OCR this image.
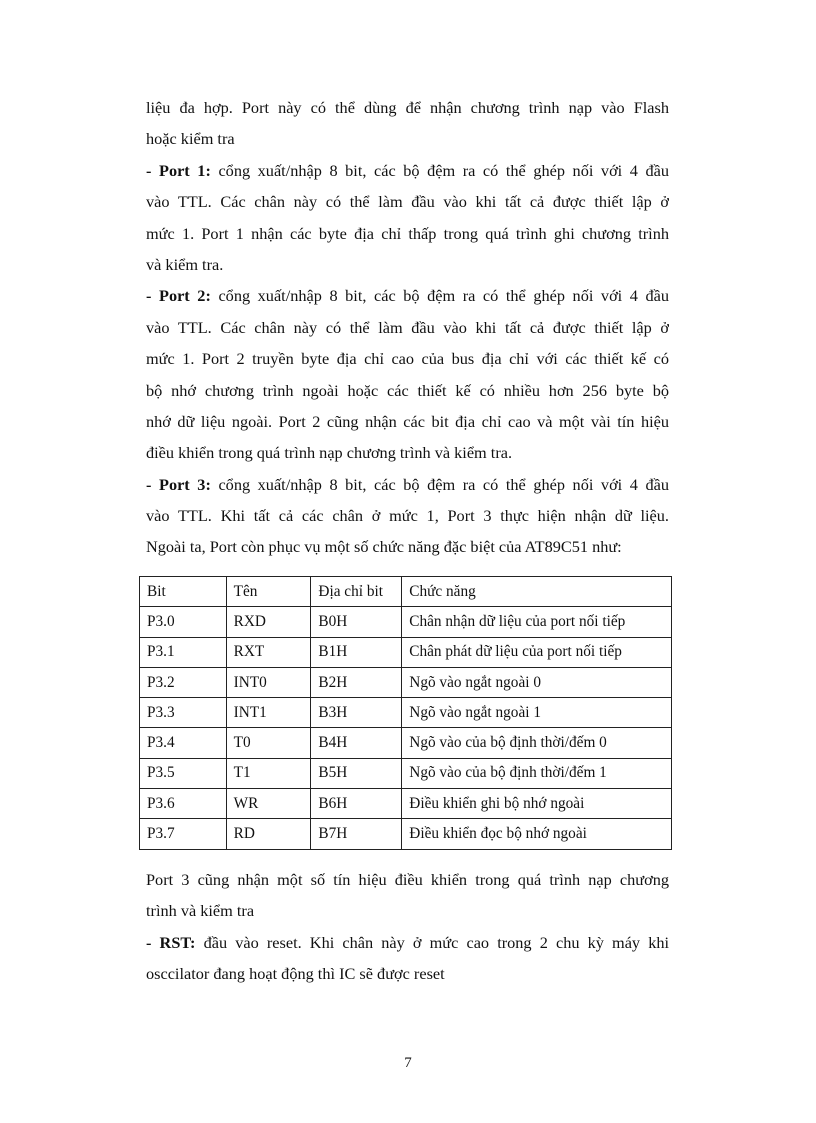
liệu đa hợp. Port này có thể dùng để nhận chương trình nạp vào Flash
hoặc kiểm tra
- Port 1: cổng xuất/nhập 8 bit, các bộ đệm ra có thể ghép nối với 4 đầu
vào TTL. Các chân này có thể làm đầu vào khi tất cả được thiết lập ở
mức 1. Port 1 nhận các byte địa chỉ thấp trong quá trình ghi chương trình
và kiểm tra.
- Port 2: cổng xuất/nhập 8 bit, các bộ đệm ra có thể ghép nối với 4 đầu
vào TTL. Các chân này có thể làm đầu vào khi tất cả được thiết lập ở
mức 1. Port 2 truyền byte địa chỉ cao của bus địa chỉ với các thiết kế có
bộ nhớ chương trình ngoài hoặc các thiết kế có nhiều hơn 256 byte bộ
nhớ dữ liệu ngoài. Port 2 cũng nhận các bit địa chỉ cao và một vài tín hiệu
điều khiển trong quá trình nạp chương trình và kiểm tra.
- Port 3: cổng xuất/nhập 8 bit, các bộ đệm ra có thể ghép nối với 4 đầu
vào TTL. Khi tất cả các chân ở mức 1, Port 3 thực hiện nhận dữ liệu.
Ngoài ta, Port còn phục vụ một số chức năng đặc biệt của AT89C51 như:
Bit	Tên	Địa chỉ bit	Chức năng
P3.0	RXD	B0H	Chân nhận dữ liệu của port nối tiếp
P3.1	RXT	B1H	Chân phát dữ liệu của port nối tiếp
P3.2	INT0	B2H	Ngõ vào ngắt ngoài 0
P3.3	INT1	B3H	Ngõ vào ngắt ngoài 1
P3.4	T0	B4H	Ngõ vào của bộ định thời/đếm 0
P3.5	T1	B5H	Ngõ vào của bộ định thời/đếm 1
P3.6	WR	B6H	Điều khiển ghi bộ nhớ ngoài
P3.7	RD	B7H	Điều khiển đọc bộ nhớ ngoài
Port 3 cũng nhận một số tín hiệu điều khiển trong quá trình nạp chương
trình và kiểm tra
- RST: đầu vào reset. Khi chân này ở mức cao trong 2 chu kỳ máy khi
osccilator đang hoạt động thì IC sẽ được reset
7
